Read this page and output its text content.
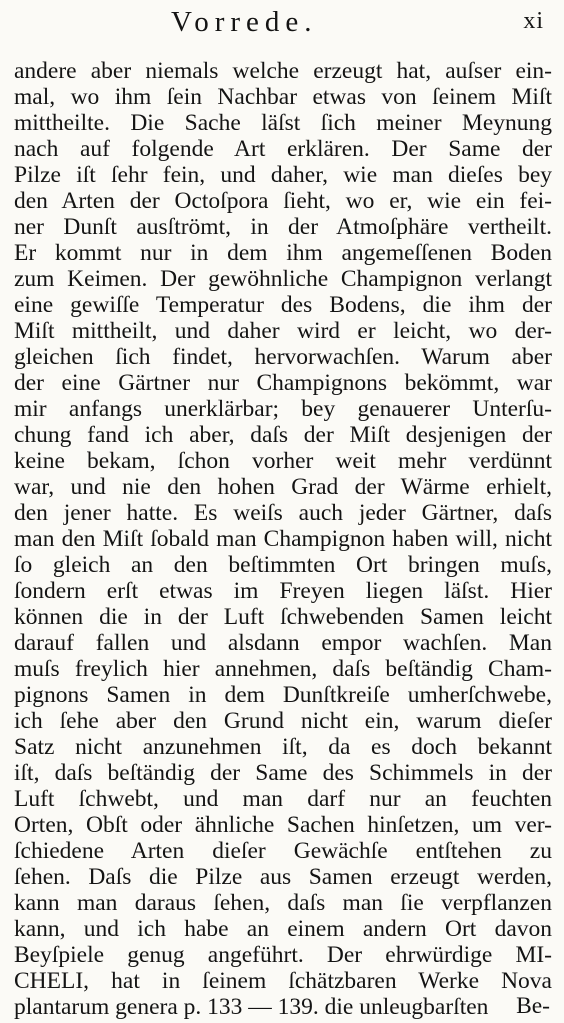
Vorrede.	xi
andere aber niemals welche erzeugt hat, auſser ein-
mal, wo ihm ſein Nachbar etwas von ſeinem Miſt
mittheilte. Die Sache läſst ſich meiner Meynung
nach auf folgende Art erklären. Der Same der
Pilze iſt ſehr fein, und daher, wie man dieſes bey
den Arten der Octoſpora ſieht, wo er, wie ein fei-
ner Dunſt ausſtrömt, in der Atmoſphäre vertheilt.
Er kommt nur in dem ihm angemeſſenen Boden
zum Keimen. Der gewöhnliche Champignon verlangt
eine gewiſſe Temperatur des Bodens, die ihm der
Miſt mittheilt, und daher wird er leicht, wo der-
gleichen ſich findet, hervorwachſen. Warum aber
der eine Gärtner nur Champignons bekömmt, war
mir anfangs unerklärbar; bey genauerer Unterſu-
chung fand ich aber, daſs der Miſt desjenigen der
keine bekam, ſchon vorher weit mehr verdünnt
war, und nie den hohen Grad der Wärme erhielt,
den jener hatte. Es weiſs auch jeder Gärtner, daſs
man den Miſt ſobald man Champignon haben will, nicht
ſo gleich an den beſtimmten Ort bringen muſs,
ſondern erſt etwas im Freyen liegen läſst. Hier
können die in der Luft ſchwebenden Samen leicht
darauf fallen und alsdann empor wachſen. Man
muſs freylich hier annehmen, daſs beſtändig Cham-
pignons Samen in dem Dunſtkreiſe umherſchwebe,
ich ſehe aber den Grund nicht ein, warum dieſer
Satz nicht anzunehmen iſt, da es doch bekannt
iſt, daſs beſtändig der Same des Schimmels in der
Luft ſchwebt, und man darf nur an feuchten
Orten, Obſt oder ähnliche Sachen hinſetzen, um ver-
ſchiedene Arten dieſer Gewächſe entſtehen zu
ſehen. Daſs die Pilze aus Samen erzeugt werden,
kann man daraus ſehen, daſs man ſie verpflanzen
kann, und ich habe an einem andern Ort davon
Beyſpiele genug angeführt. Der ehrwürdige MI-
CHELI, hat in ſeinem ſchätzbaren Werke Nova
plantarum genera p. 133 — 139. die unleugbarſten	Be-
